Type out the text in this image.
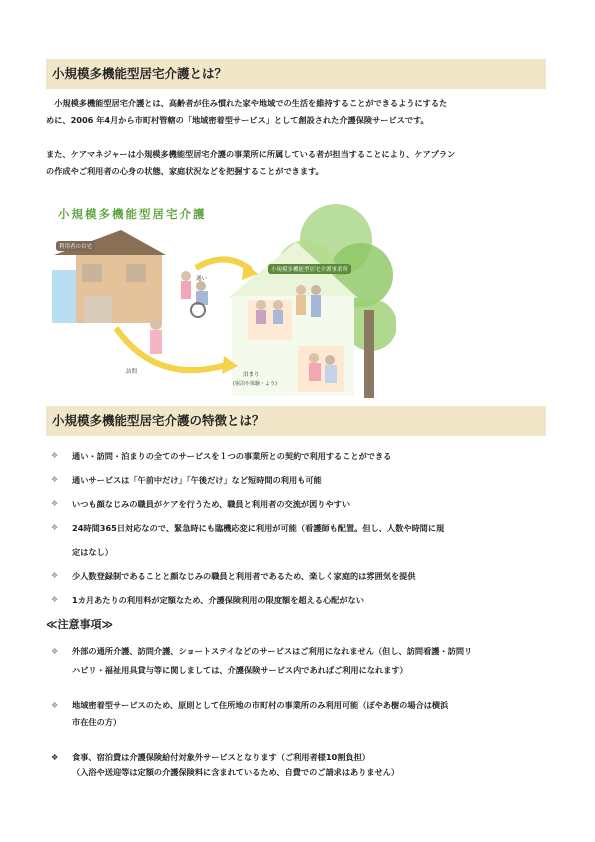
小規模多機能型居宅介護とは？
　小規模多機能型居宅介護とは、高齢者が住み慣れた家や地域での生活を維持することができるようにするた
めに、2006 年4月から市町村管轄の「地域密着型サービス」として創設された介護保険サービスです。
また、ケアマネジャーは小規模多機能型居宅介護の事業所に所属している者が担当することにより、ケアプラン
の作成やご利用者の心身の状態、家庭状況などを把握することができます。
小規模多機能型居宅介護
利用者の自宅
小規模多機能型居宅介護事業所
通い
訪問	泊まり
(宿泊や体験・よう)
小規模多機能型居宅介護の特徴とは？
❖ 通い・訪問・泊まりの全てのサービスを１つの事業所との契約で利用することができる
❖ 通いサービスは「午前中だけ」「午後だけ」など短時間の利用も可能
❖ いつも顔なじみの職員がケアを行うため、職員と利用者の交流が図りやすい
❖ 24時間365日対応なので、緊急時にも臨機応変に利用が可能（看護師も配置。但し、人数や時間に規
定はなし）
❖ 少人数登録制であることと顔なじみの職員と利用者であるため、楽しく家庭的は雰囲気を提供
❖ 1カ月あたりの利用料が定額なため、介護保険利用の限度額を超える心配がない
≪注意事項≫
❖ 外部の通所介護、訪問介護、ショートステイなどのサービスはご利用になれません（但し、訪問看護・訪問リ
ハビリ・福祉用具貸与等に関しましては、介護保険サービス内であればご利用になれます）
❖ 地域密着型サービスのため、原則として住所地の市町村の事業所のみ利用可能（ぽやあ樹の場合は横浜
市在住の方）
❖ 食事、宿泊費は介護保険給付対象外サービスとなります（ご利用者様10割負担）
（入浴や送迎等は定額の介護保険料に含まれているため、自費でのご請求はありません）
